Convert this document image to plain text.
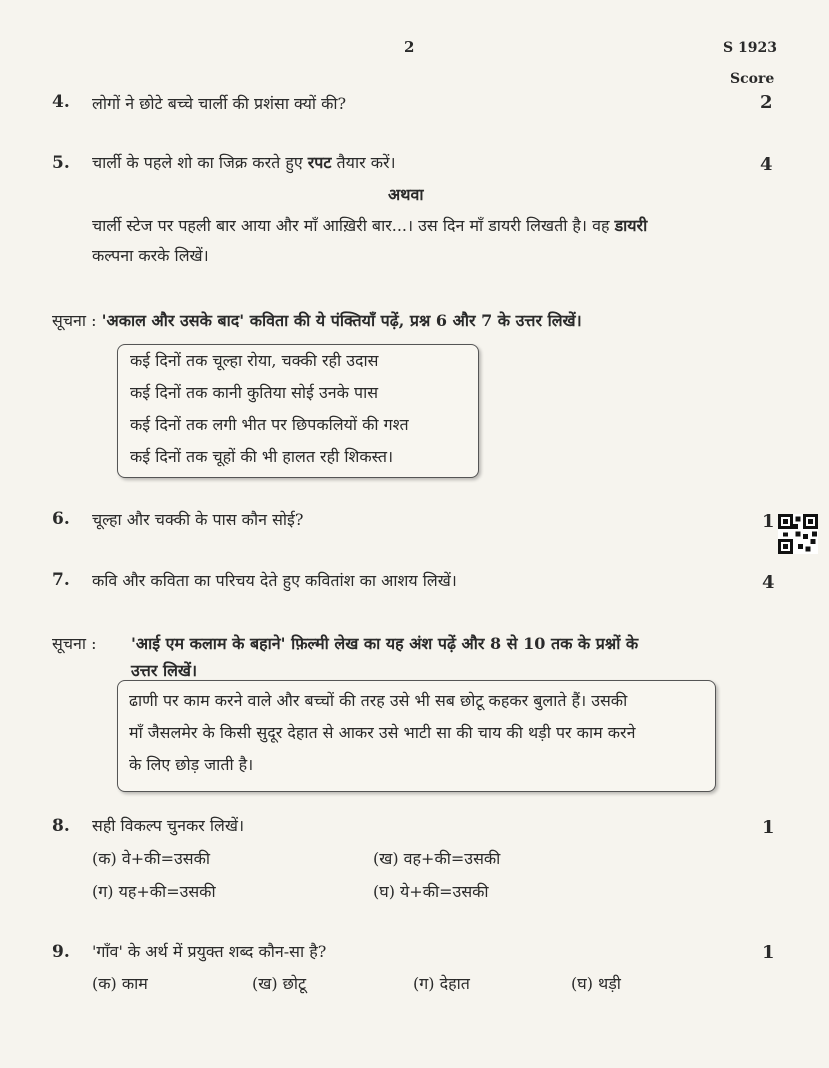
2	S 1923
Score
4. लोगों ने छोटे बच्चे चार्ली की प्रशंसा क्यों की?	2
5. चार्ली के पहले शो का जिक्र करते हुए रपट तैयार करें।	4
अथवा
चार्ली स्टेज पर पहली बार आया और माँ आख़िरी बार...। उस दिन माँ डायरी लिखती है। वह डायरी
कल्पना करके लिखें।
सूचना : 'अकाल और उसके बाद' कविता की ये पंक्तियाँ पढ़ें, प्रश्न 6 और 7 के उत्तर लिखें।
कई दिनों तक चूल्हा रोया, चक्की रही उदास
कई दिनों तक कानी कुतिया सोई उनके पास
कई दिनों तक लगी भीत पर छिपकलियों की गश्त
कई दिनों तक चूहों की भी हालत रही शिकस्त।
6. चूल्हा और चक्की के पास कौन सोई?	1
7. कवि और कविता का परिचय देते हुए कवितांश का आशय लिखें।	4
सूचना : 'आई एम कलाम के बहाने' फ़िल्मी लेख का यह अंश पढ़ें और 8 से 10 तक के प्रश्नों के
उत्तर लिखें।
ढाणी पर काम करने वाले और बच्चों की तरह उसे भी सब छोटू कहकर बुलाते हैं। उसकी
माँ जैसलमेर के किसी सुदूर देहात से आकर उसे भाटी सा की चाय की थड़ी पर काम करने
के लिए छोड़ जाती है।
8. सही विकल्प चुनकर लिखें।	1
(क) वे+की=उसकी	(ख) वह+की=उसकी
(ग) यह+की=उसकी	(घ) ये+की=उसकी
9. 'गाँव' के अर्थ में प्रयुक्त शब्द कौन-सा है?	1
(क) काम	(ख) छोटू	(ग) देहात	(घ) थड़ी
